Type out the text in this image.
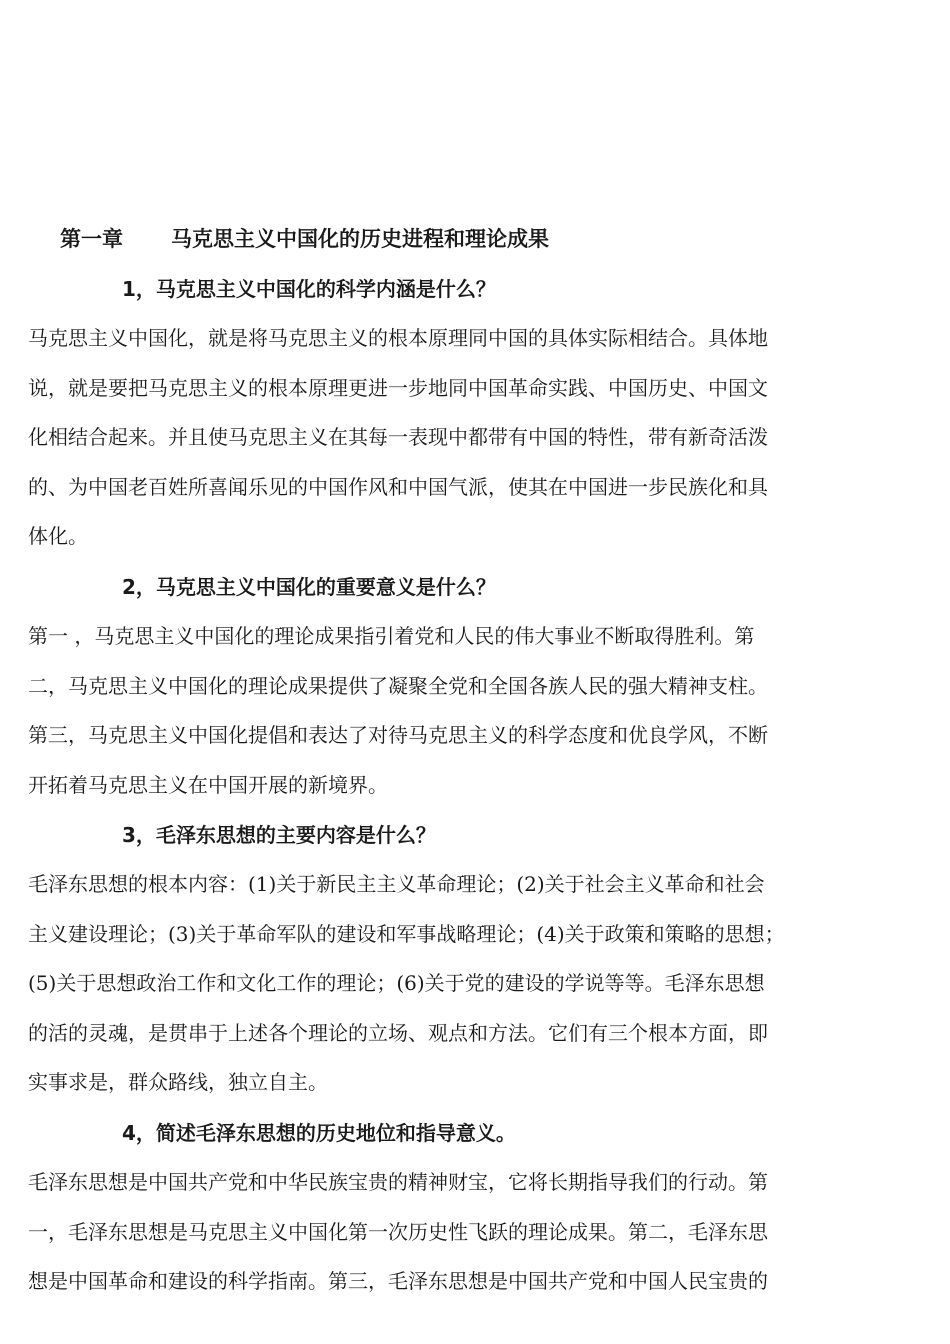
第一章 马克思主义中国化的历史进程和理论成果
1，马克思主义中国化的科学内涵是什么？
马克思主义中国化，就是将马克思主义的根本原理同中国的具体实际相结合。具体地
说，就是要把马克思主义的根本原理更进一步地同中国革命实践、中国历史、中国文
化相结合起来。并且使马克思主义在其每一表现中都带有中国的特性，带有新奇活泼
的、为中国老百姓所喜闻乐见的中国作风和中国气派，使其在中国进一步民族化和具
体化。
2，马克思主义中国化的重要意义是什么？
第一 ，马克思主义中国化的理论成果指引着党和人民的伟大事业不断取得胜利。第
二，马克思主义中国化的理论成果提供了凝聚全党和全国各族人民的强大精神支柱。
第三，马克思主义中国化提倡和表达了对待马克思主义的科学态度和优良学风，不断
开拓着马克思主义在中国开展的新境界。
3，毛泽东思想的主要内容是什么？
毛泽东思想的根本内容：(1)关于新民主主义革命理论；(2)关于社会主义革命和社会
主义建设理论；(3)关于革命军队的建设和军事战略理论；(4)关于政策和策略的思想；
(5)关于思想政治工作和文化工作的理论；(6)关于党的建设的学说等等。毛泽东思想
的活的灵魂，是贯串于上述各个理论的立场、观点和方法。它们有三个根本方面，即
实事求是，群众路线，独立自主。
4，简述毛泽东思想的历史地位和指导意义。
毛泽东思想是中国共产党和中华民族宝贵的精神财宝，它将长期指导我们的行动。第
一，毛泽东思想是马克思主义中国化第一次历史性飞跃的理论成果。第二，毛泽东思
想是中国革命和建设的科学指南。第三，毛泽东思想是中国共产党和中国人民宝贵的
